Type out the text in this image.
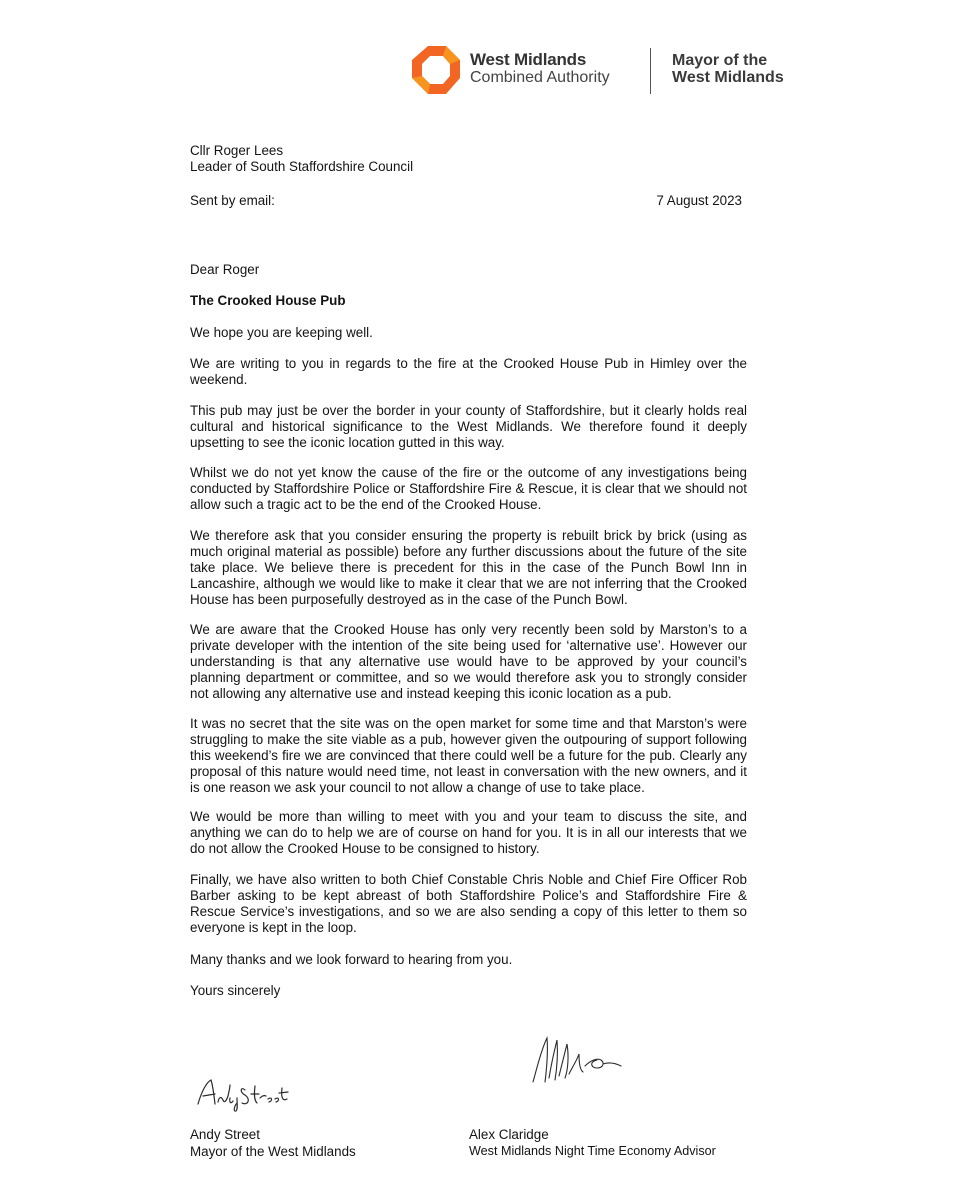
West Midlands
Combined Authority
Mayor of the
West Midlands
Cllr Roger Lees
Leader of South Staffordshire Council
Sent by email:	7 August 2023
Dear Roger
The Crooked House Pub
We hope you are keeping well.

We are writing to you in regards to the fire at the Crooked House Pub in Himley over the weekend.

This pub may just be over the border in your county of Staffordshire, but it clearly holds real cultural and historical significance to the West Midlands. We therefore found it deeply upsetting to see the iconic location gutted in this way.

Whilst we do not yet know the cause of the fire or the outcome of any investigations being conducted by Staffordshire Police or Staffordshire Fire & Rescue, it is clear that we should not allow such a tragic act to be the end of the Crooked House.

We therefore ask that you consider ensuring the property is rebuilt brick by brick (using as much original material as possible) before any further discussions about the future of the site take place. We believe there is precedent for this in the case of the Punch Bowl Inn in Lancashire, although we would like to make it clear that we are not inferring that the Crooked House has been purposefully destroyed as in the case of the Punch Bowl.

We are aware that the Crooked House has only very recently been sold by Marston’s to a private developer with the intention of the site being used for ‘alternative use’. However our understanding is that any alternative use would have to be approved by your council’s planning department or committee, and so we would therefore ask you to strongly consider not allowing any alternative use and instead keeping this iconic location as a pub.

It was no secret that the site was on the open market for some time and that Marston’s were struggling to make the site viable as a pub, however given the outpouring of support following this weekend’s fire we are convinced that there could well be a future for the pub. Clearly any proposal of this nature would need time, not least in conversation with the new owners, and it is one reason we ask your council to not allow a change of use to take place.

We would be more than willing to meet with you and your team to discuss the site, and anything we can do to help we are of course on hand for you. It is in all our interests that we do not allow the Crooked House to be consigned to history.

Finally, we have also written to both Chief Constable Chris Noble and Chief Fire Officer Rob Barber asking to be kept abreast of both Staffordshire Police’s and Staffordshire Fire & Rescue Service’s investigations, and so we are also sending a copy of this letter to them so everyone is kept in the loop.

Many thanks and we look forward to hearing from you.
Yours sincerely
Andy Street
Mayor of the West Midlands
Alex Claridge
West Midlands Night Time Economy Advisor
